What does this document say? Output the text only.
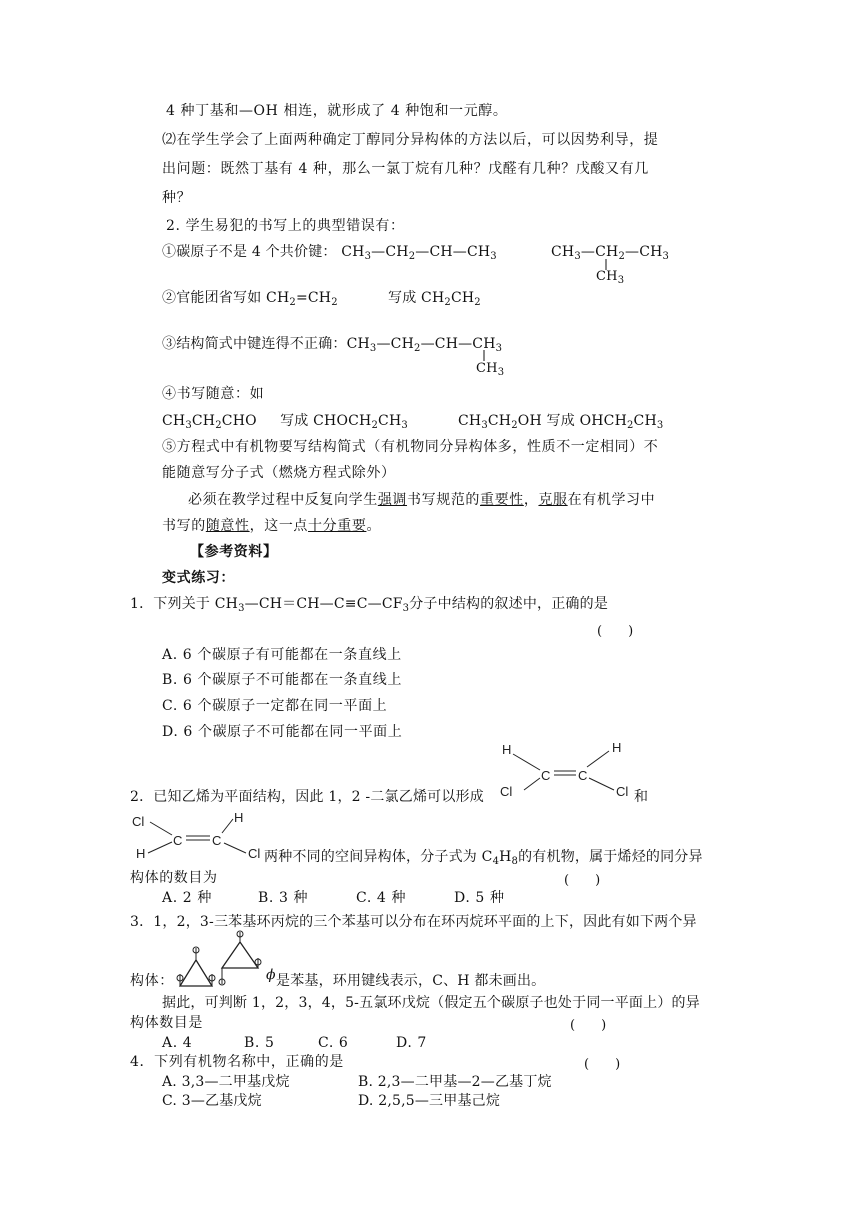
4 种丁基和—OH 相连，就形成了 4 种饱和一元醇。
⑵在学生学会了上面两种确定丁醇同分异构体的方法以后，可以因势利导，提
出问题：既然丁基有 4 种，那么一氯丁烷有几种？戊醛有几种？戊酸又有几
种？
2. 学生易犯的书写上的典型错误有：
①碳原子不是 4 个共价键： $CH_3—CH_2—CH—CH_3$	$CH_3—CH_2—CH_3$
$CH_3$
②官能团省写如 $CH_2=CH_2$	写成 $CH_2CH_2$
③结构简式中键连得不正确：$CH_3—CH_2—CH—CH_3$
$CH_3$
④书写随意：如
$CH_3CH_2CHO$ 写成 $CHOCH_2CH_3$	$CH_3CH_2OH$ 写成 $OHCH_2CH_3$
⑤方程式中有机物要写结构简式（有机物同分异构体多，性质不一定相同）不
能随意写分子式（燃烧方程式除外）
必须在教学过程中反复向学生强调书写规范的重要性，克服在有机学习中
书写的随意性，这一点十分重要。
【参考资料】
变式练习：
1．下列关于 $CH_3—CH=CH—C\equiv C—CF_3$分子中结构的叙述中，正确的是
(　　)
A. 6 个碳原子有可能都在一条直线上
B. 6 个碳原子不可能都在一条直线上
C. 6 个碳原子一定都在同一平面上
D. 6 个碳原子不可能都在同一平面上
H	H
Cl	Cl
C C
2．已知乙烯为平面结构，因此 1，2 -二氯乙烯可以形成	和
Cl
H
H
Cl
C C
两种不同的空间异构体，分子式为 $C_4H_8$的有机物，属于烯烃的同分异
构体的数目为	(　　)
A. 2 种	B. 3 种	C. 4 种	D. 5 种
3．1，2，3-三苯基环丙烷的三个苯基可以分布在环丙烷环平面的上下，因此有如下两个异
构体：	ϕ 是苯基，环用键线表示，C、H 都未画出。
据此，可判断 1，2，3，4，5-五氯环戊烷（假定五个碳原子也处于同一平面上）的异
构体数目是	(　　)
A. 4	B. 5	C. 6	D. 7
4．下列有机物名称中，正确的是	(　　)
A. 3,3—二甲基戊烷	B. 2,3—二甲基—2—乙基丁烷
C. 3—乙基戊烷	D. 2,5,5—三甲基己烷
